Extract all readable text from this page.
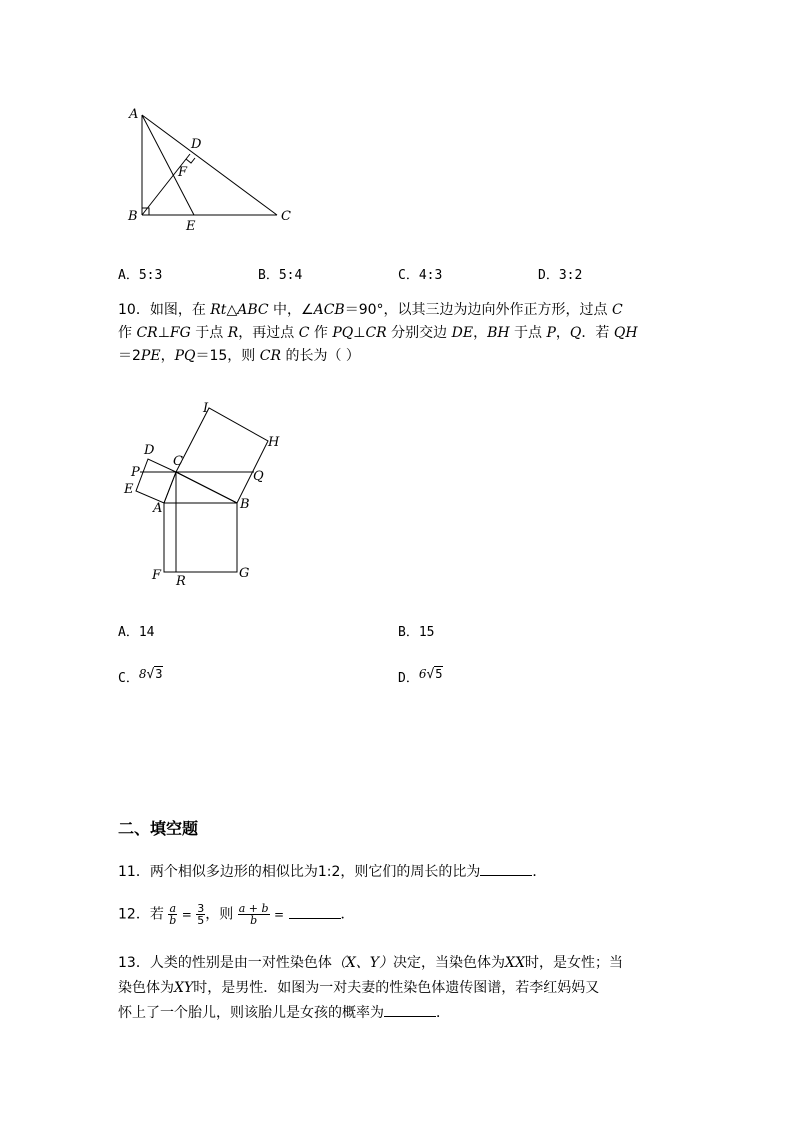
A
D
F
B
E
C
A．5:3	B．5:4	C．4:3	D．3:2
10．如图，在 Rt△ABC 中，∠ACB＝90°，以其三边为边向外作正方形，过点 C
作 CR⊥FG 于点 R，再过点 C 作 PQ⊥CR 分别交边 DE，BH 于点 P，Q．若 QH
＝2PE，PQ＝15，则 CR 的长为（ ）
I
H
D
C
P	Q
E
A	B
F R
G
A．14	B．15
C．8√3	D．6√5
二、填空题
11．两个相似多边形的相似比为1:2，则它们的周长的比为	．
12．若 $\frac{a}{b} = \frac{3}{5}$ ，则 $\frac{a + b}{b}$ =	．
13．人类的性别是由一对性染色体（X、Y）决定，当染色体为XX时，是女性；当
染色体为XY时，是男性．如图为一对夫妻的性染色体遗传图谱，若李红妈妈又
怀上了一个胎儿，则该胎儿是女孩的概率为	．
